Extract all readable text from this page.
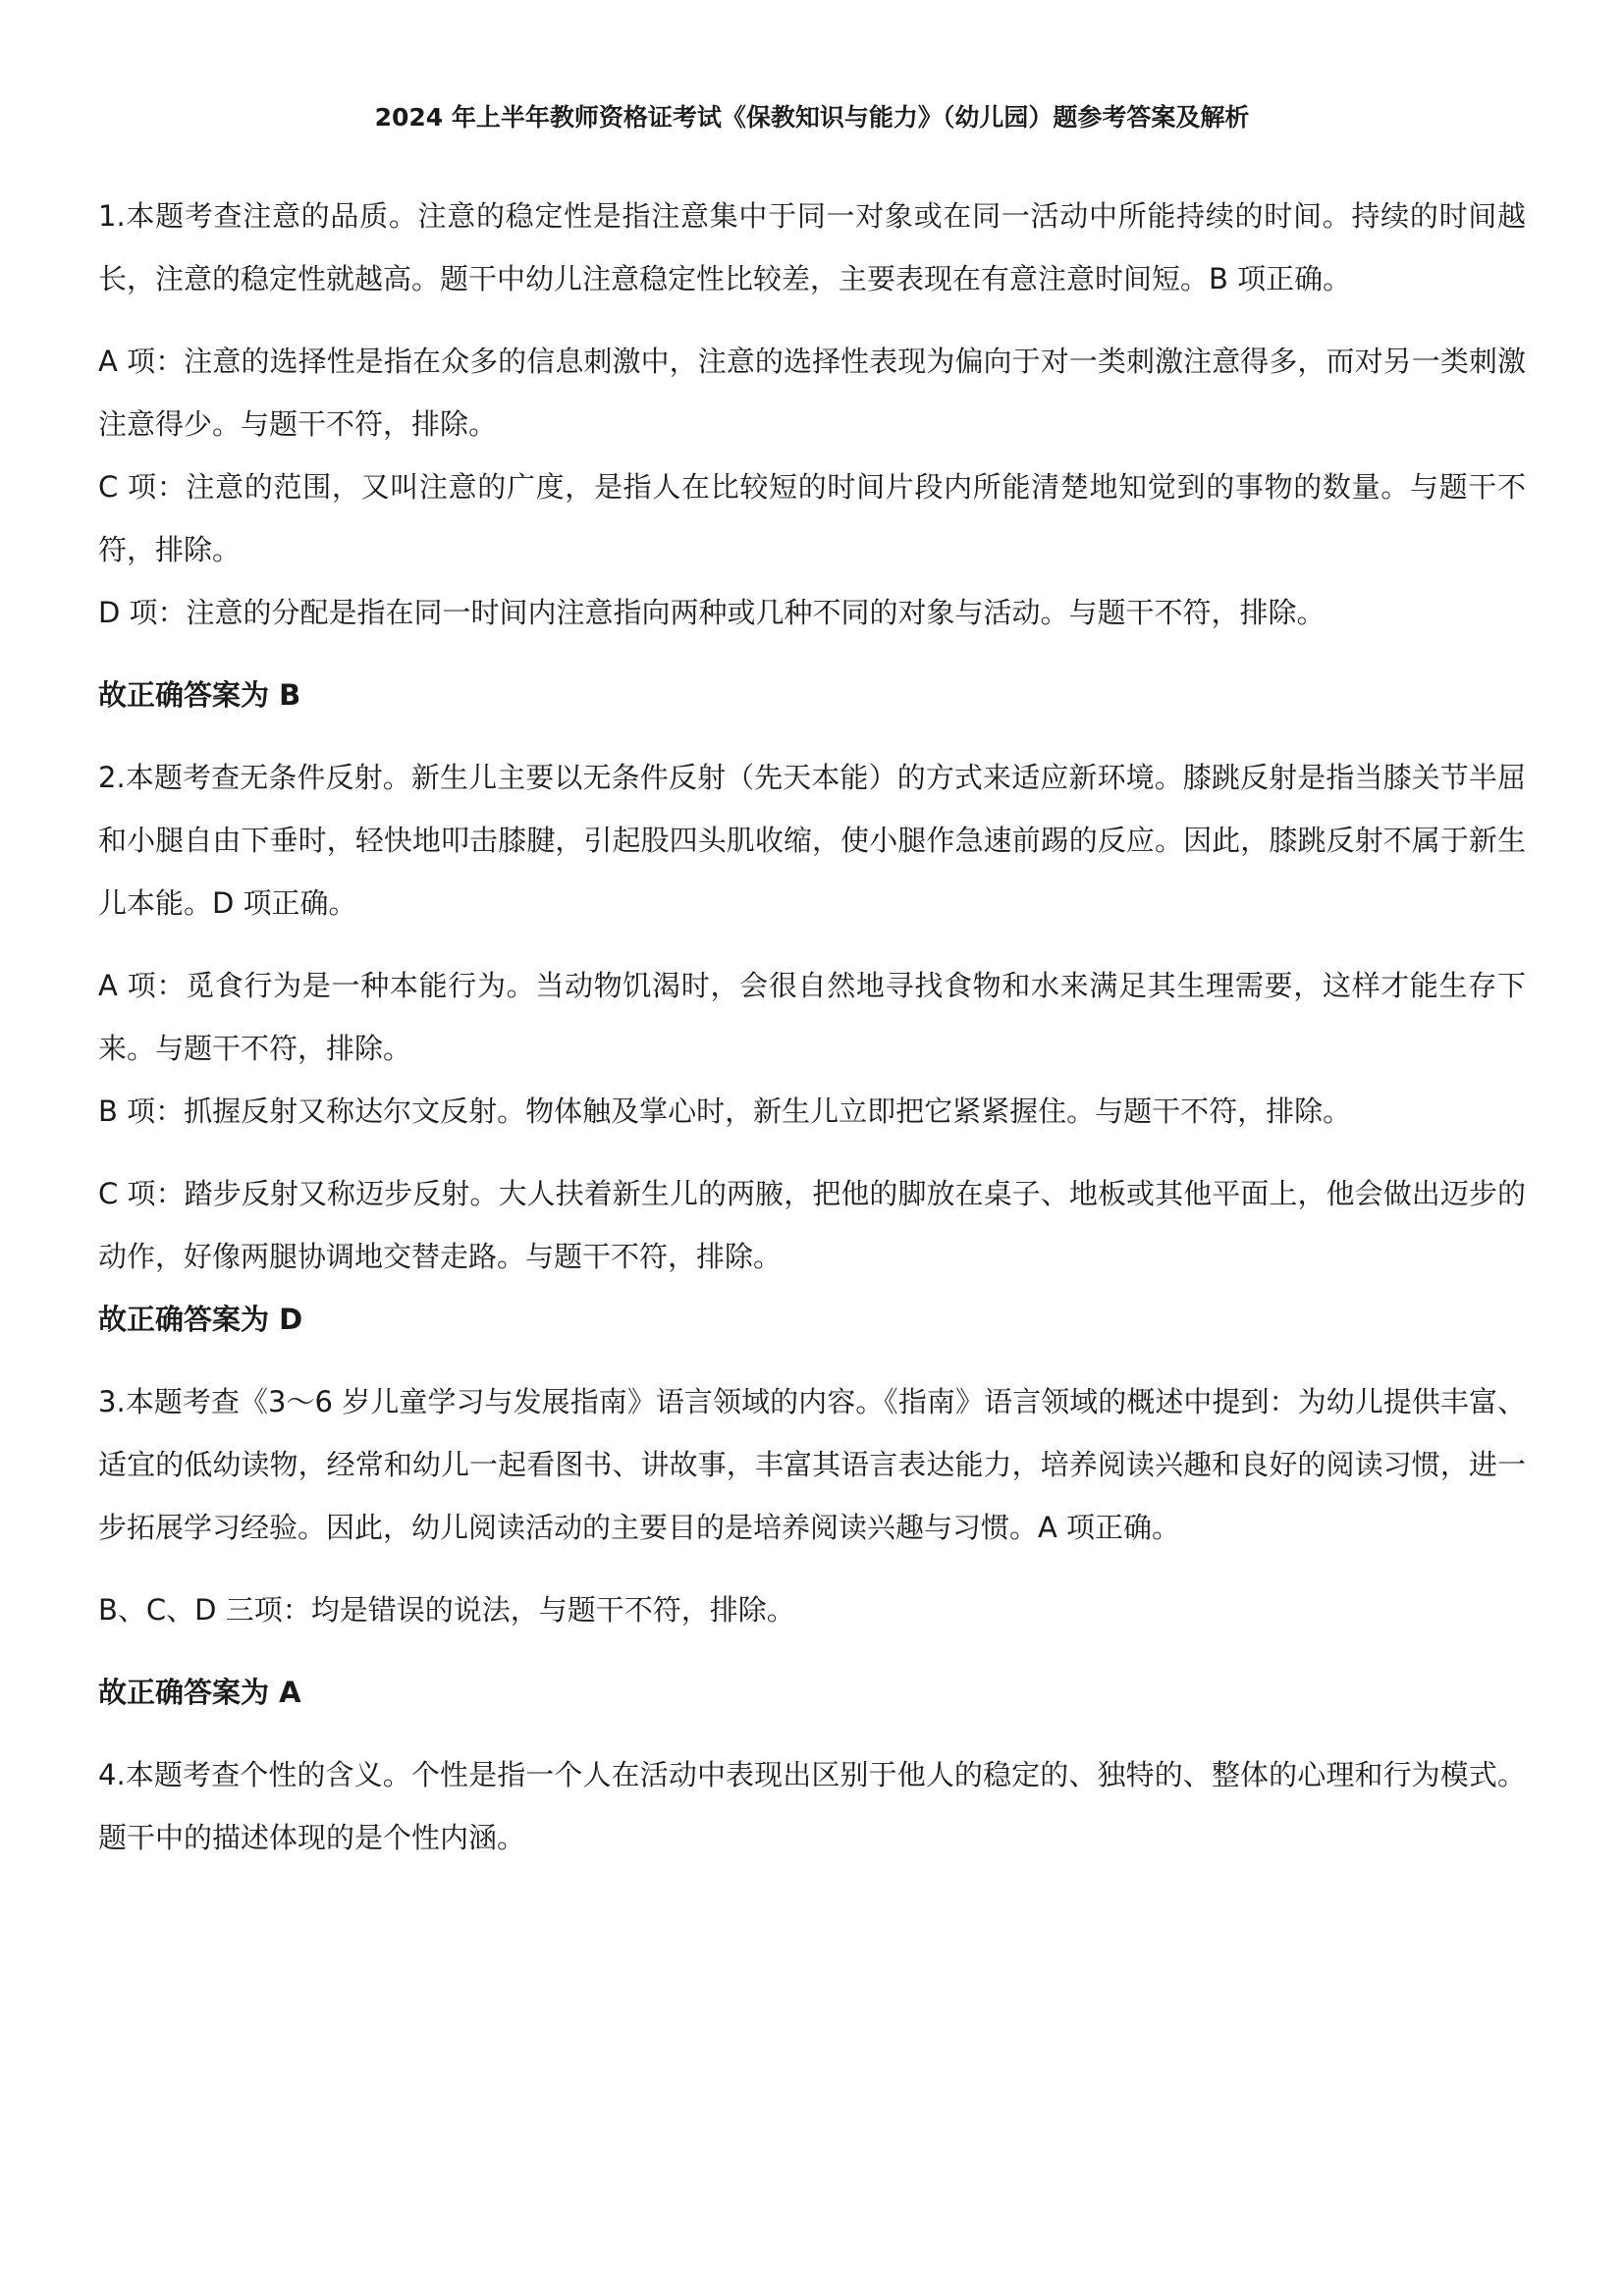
2024 年上半年教师资格证考试《保教知识与能力》（幼儿园）题参考答案及解析

1.本题考查注意的品质。注意的稳定性是指注意集中于同一对象或在同一活动中所能持续的时间。持续的时间越长，注意的稳定性就越高。题干中幼儿注意稳定性比较差，主要表现在有意注意时间短。B 项正确。

A 项：注意的选择性是指在众多的信息刺激中，注意的选择性表现为偏向于对一类刺激注意得多，而对另一类刺激注意得少。与题干不符，排除。

C 项：注意的范围，又叫注意的广度，是指人在比较短的时间片段内所能清楚地知觉到的事物的数量。与题干不符，排除。

D 项：注意的分配是指在同一时间内注意指向两种或几种不同的对象与活动。与题干不符，排除。

故正确答案为 B

2.本题考查无条件反射。新生儿主要以无条件反射（先天本能）的方式来适应新环境。膝跳反射是指当膝关节半屈和小腿自由下垂时，轻快地叩击膝腱，引起股四头肌收缩，使小腿作急速前踢的反应。因此，膝跳反射不属于新生儿本能。D 项正确。

A 项：觅食行为是一种本能行为。当动物饥渴时，会很自然地寻找食物和水来满足其生理需要，这样才能生存下来。与题干不符，排除。

B 项：抓握反射又称达尔文反射。物体触及掌心时，新生儿立即把它紧紧握住。与题干不符，排除。

C 项：踏步反射又称迈步反射。大人扶着新生儿的两腋，把他的脚放在桌子、地板或其他平面上，他会做出迈步的动作，好像两腿协调地交替走路。与题干不符，排除。

故正确答案为 D

3.本题考查《3～6 岁儿童学习与发展指南》语言领域的内容。《指南》语言领域的概述中提到：为幼儿提供丰富、适宜的低幼读物，经常和幼儿一起看图书、讲故事，丰富其语言表达能力，培养阅读兴趣和良好的阅读习惯，进一步拓展学习经验。因此，幼儿阅读活动的主要目的是培养阅读兴趣与习惯。A 项正确。

B、C、D 三项：均是错误的说法，与题干不符，排除。

故正确答案为 A

4.本题考查个性的含义。个性是指一个人在活动中表现出区别于他人的稳定的、独特的、整体的心理和行为模式。题干中的描述体现的是个性内涵。
